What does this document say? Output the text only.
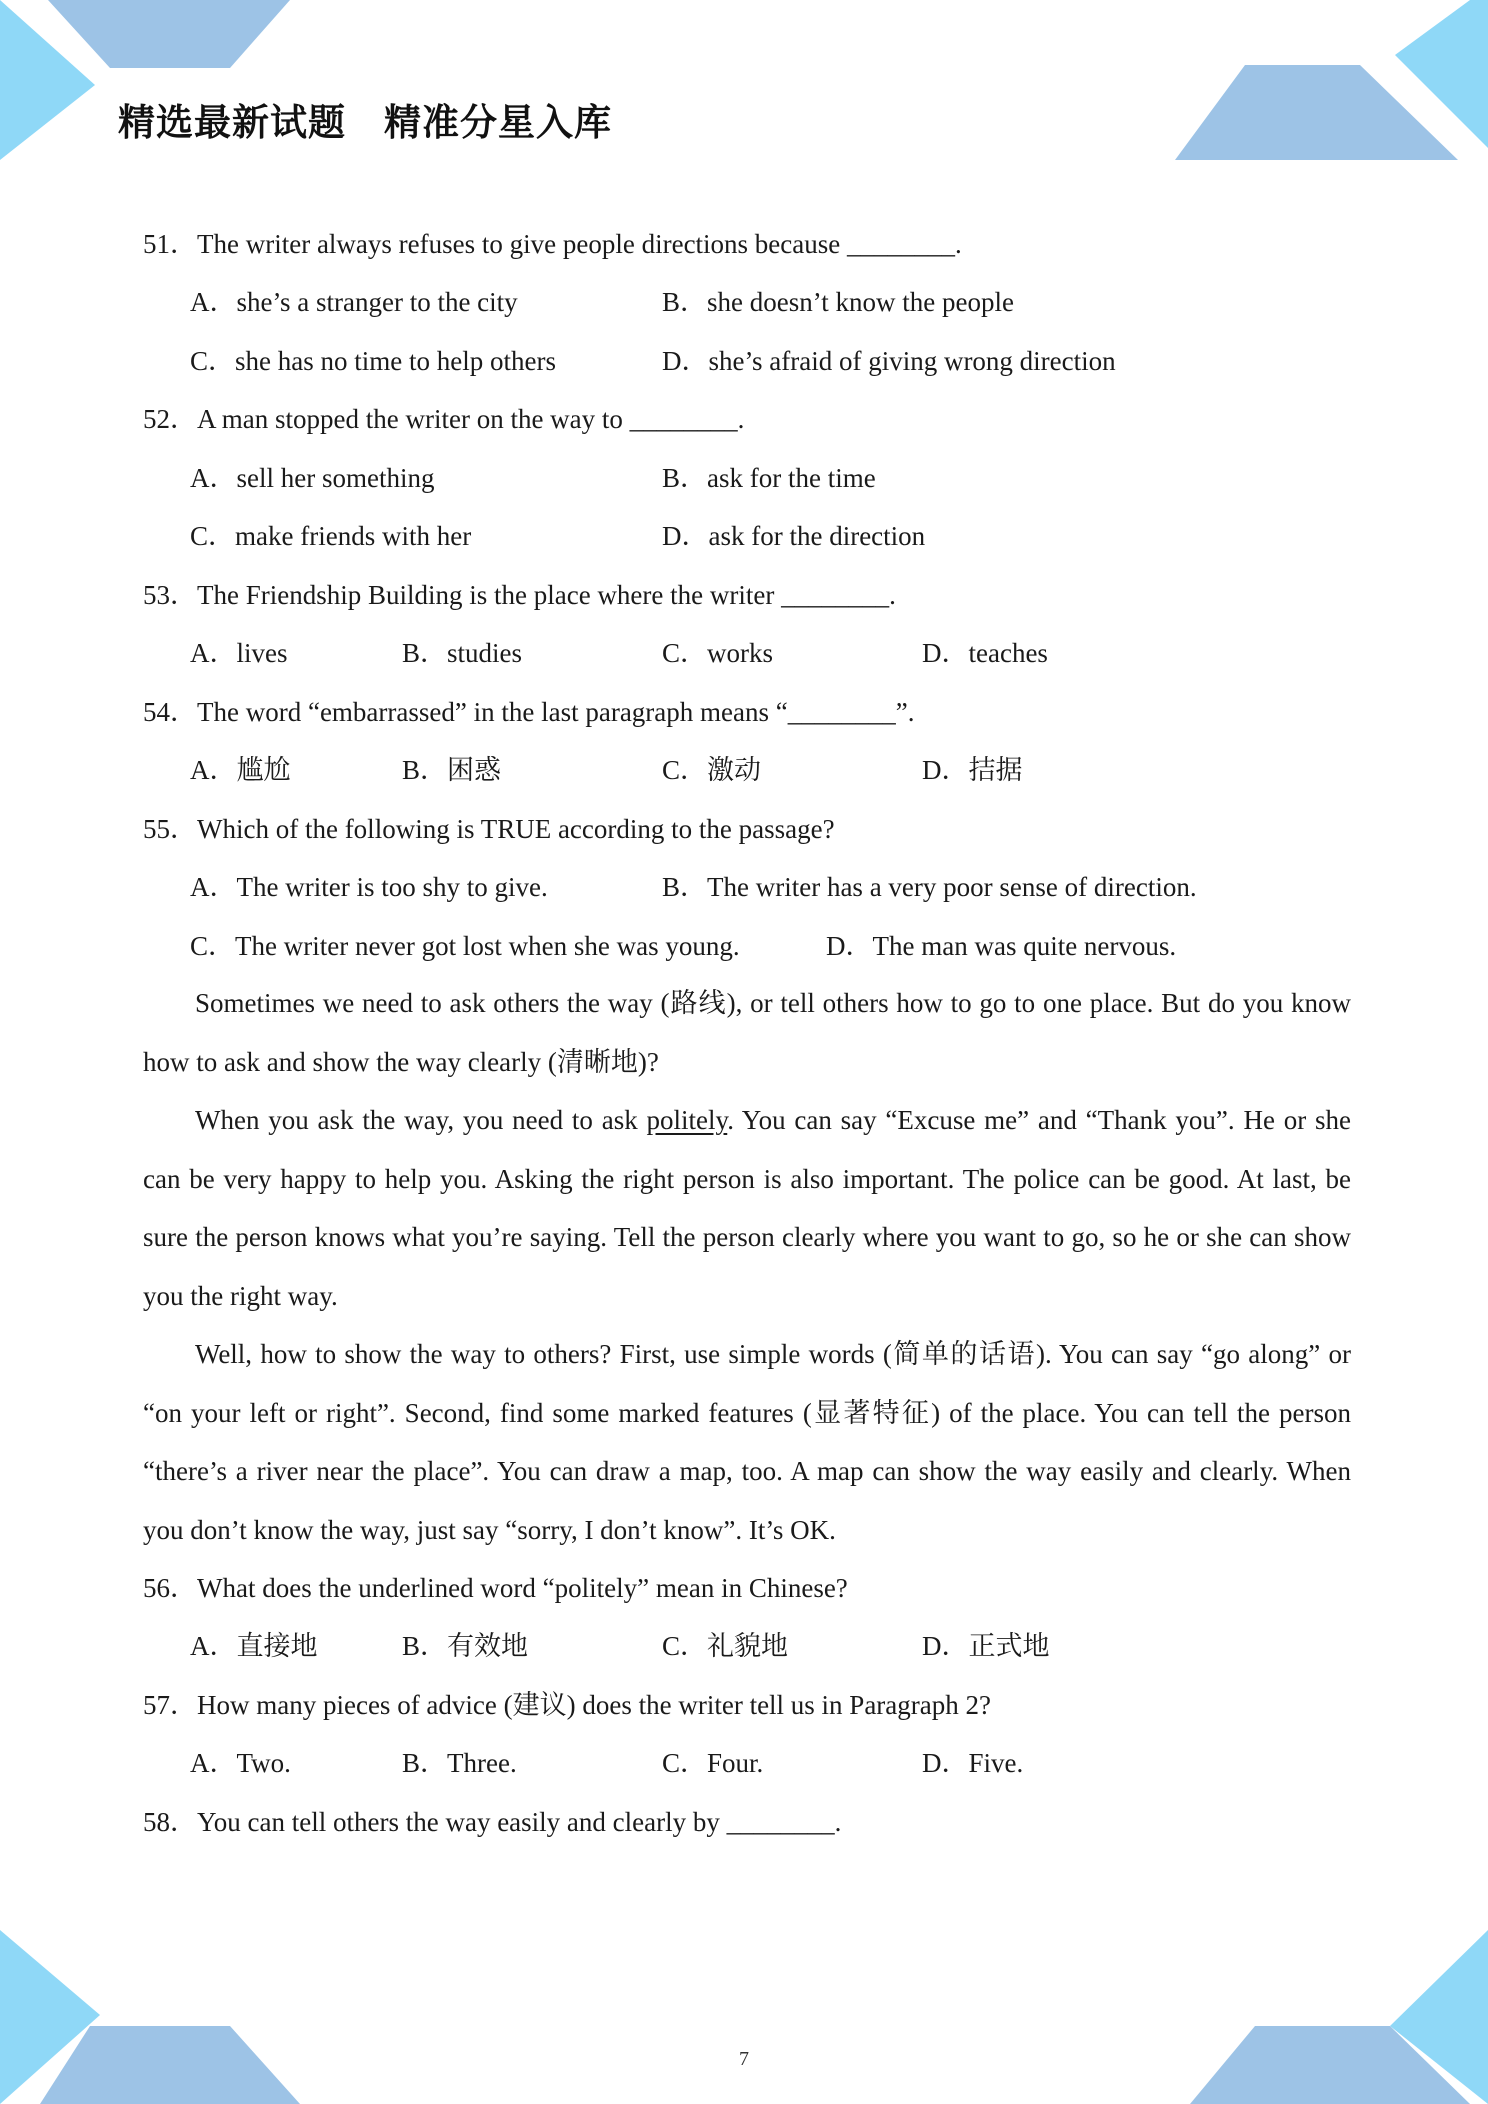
精选最新试题　精准分星入库
51．The writer always refuses to give people directions because ________.
A．she’s a stranger to the city	B．she doesn’t know the people
C．she has no time to help others	D．she’s afraid of giving wrong direction
52．A man stopped the writer on the way to ________.
A．sell her something	B．ask for the time
C．make friends with her	D．ask for the direction
53．The Friendship Building is the place where the writer ________.
A．lives	B．studies	C．works	D．teaches
54．The word “embarrassed” in the last paragraph means “________”.
A．尴尬	B．困惑	C．激动	D．拮据
55．Which of the following is TRUE according to the passage?
A．The writer is too shy to give.	B．The writer has a very poor sense of direction.
C．The writer never got lost when she was young.	D．The man was quite nervous.
Sometimes we need to ask others the way (路线), or tell others how to go to one place. But do you know how to ask and show the way clearly (清晰地)?
When you ask the way, you need to ask politely. You can say “Excuse me” and “Thank you”. He or she can be very happy to help you. Asking the right person is also important. The police can be good. At last, be sure the person knows what you’re saying. Tell the person clearly where you want to go, so he or she can show you the right way.
Well, how to show the way to others? First, use simple words (简单的话语). You can say “go along” or “on your left or right”. Second, find some marked features (显著特征) of the place. You can tell the person “there’s a river near the place”. You can draw a map, too. A map can show the way easily and clearly. When you don’t know the way, just say “sorry, I don’t know”. It’s OK.
56．What does the underlined word “politely” mean in Chinese?
A．直接地	B．有效地	C．礼貌地	D．正式地
57．How many pieces of advice (建议) does the writer tell us in Paragraph 2?
A．Two.	B．Three.	C．Four.	D．Five.
58．You can tell others the way easily and clearly by ________.
7
